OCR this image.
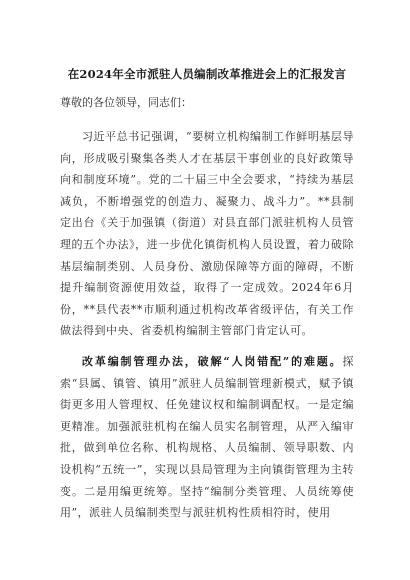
在2024年全市派驻人员编制改革推进会上的汇报发言

尊敬的各位领导，同志们：

习近平总书记强调，“要树立机构编制工作鲜明基层导向，形成吸引聚集各类人才在基层干事创业的良好政策导向和制度环境”。党的二十届三中全会要求，“持续为基层减负，不断增强党的创造力、凝聚力、战斗力”。**县制定出台《关于加强镇（街道）对县直部门派驻机构人员管理的五个办法》，进一步优化镇街机构人员设置，着力破除基层编制类别、人员身份、激励保障等方面的障碍，不断提升编制资源使用效益，取得了一定成效。2024年6月份，**县代表**市顺利通过机构改革省级评估，有关工作做法得到中央、省委机构编制主管部门肯定认可。

改革编制管理办法，破解“人岗错配”的难题。探索“县属、镇管、镇用”派驻人员编制管理新模式，赋予镇街更多用人管理权、任免建议权和编制调配权。一是定编更精准。加强派驻机构在编人员实名制管理，从严入编审批，做到单位名称、机构规格、人员编制、领导职数、内设机构“五统一”，实现以县局管理为主向镇街管理为主转变。二是用编更统筹。坚持“编制分类管理、人员统筹使用”，派驻人员编制类型与派驻机构性质相符时，使用
